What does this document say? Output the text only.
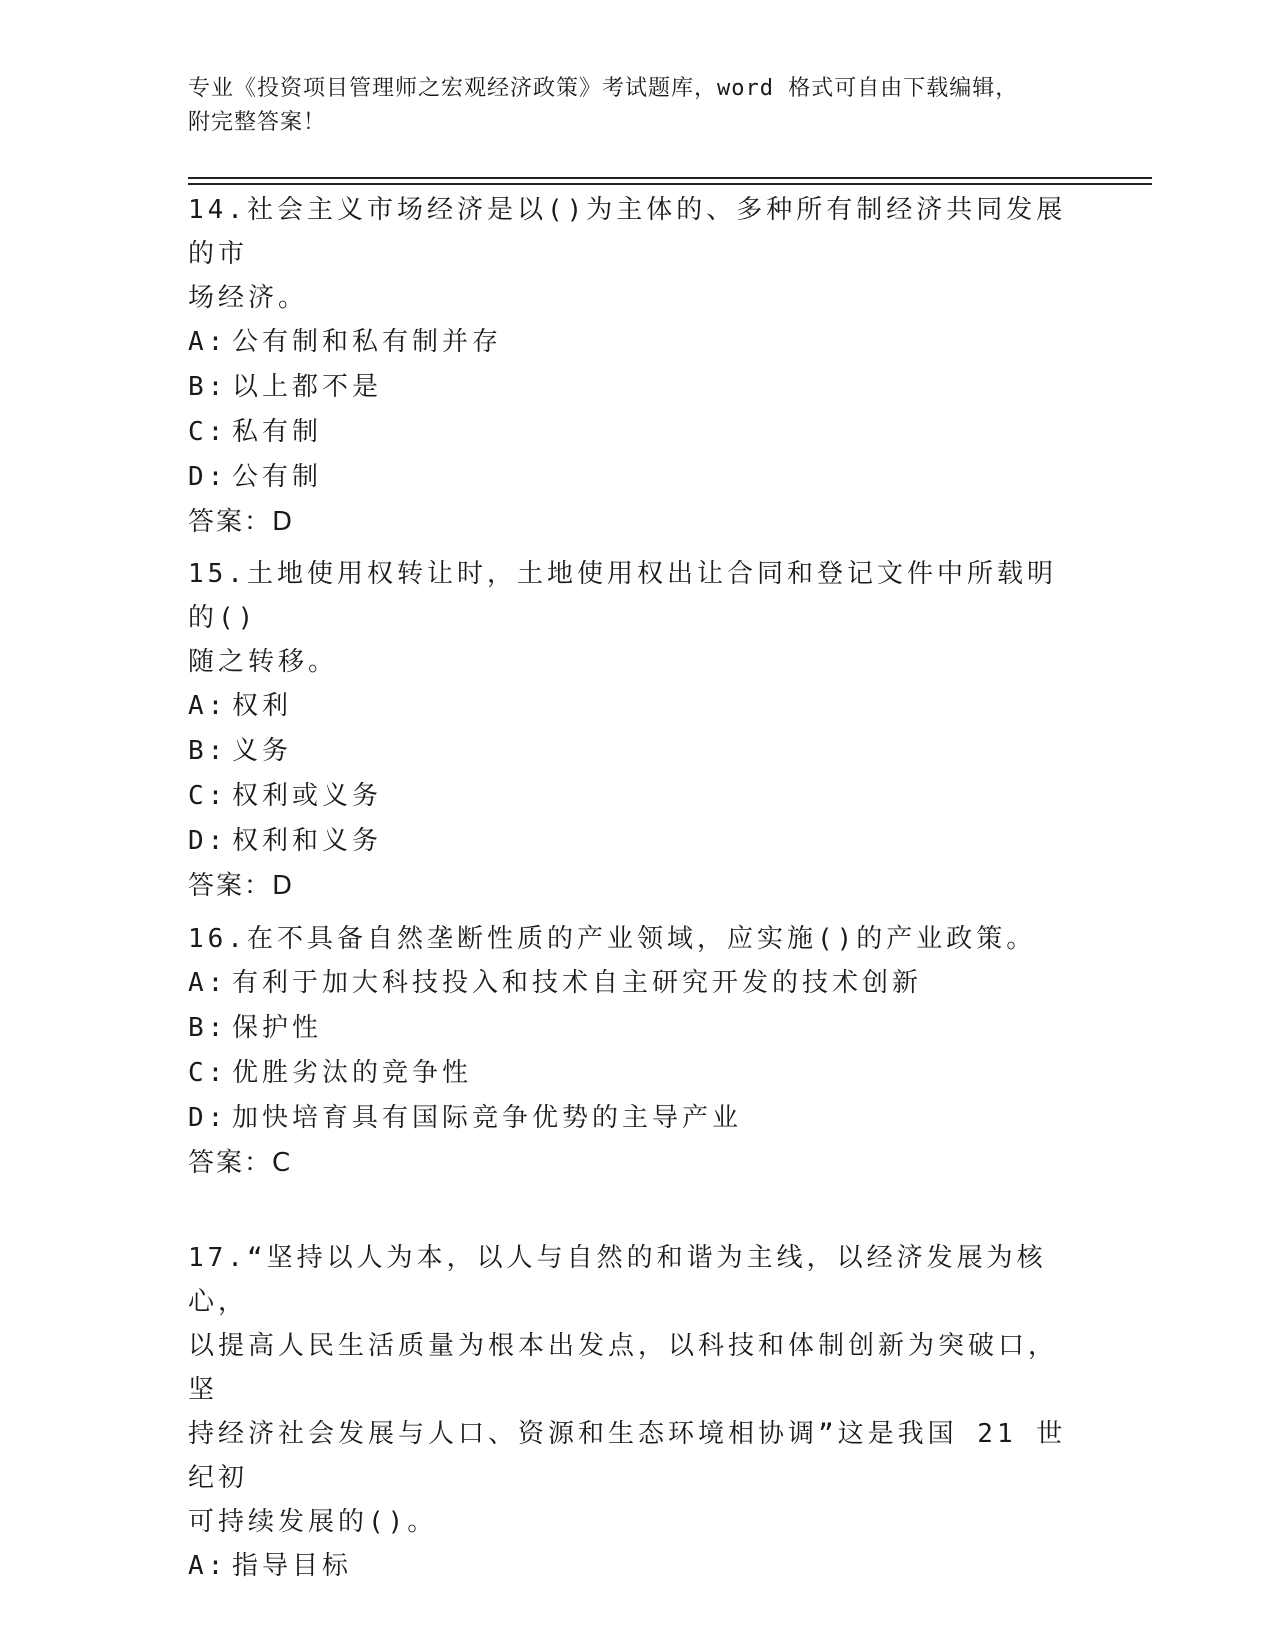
专业《投资项目管理师之宏观经济政策》考试题库，word 格式可自由下载编辑，
附完整答案！
14.社会主义市场经济是以()为主体的、多种所有制经济共同发展的市
场经济。
A: 公有制和私有制并存
B: 以上都不是
C: 私有制
D: 公有制
答案：D
15.土地使用权转让时，土地使用权出让合同和登记文件中所载明的()
随之转移。
A: 权利
B: 义务
C: 权利或义务
D: 权利和义务
答案：D
16.在不具备自然垄断性质的产业领域，应实施()的产业政策。
A: 有利于加大科技投入和技术自主研究开发的技术创新
B: 保护性
C: 优胜劣汰的竞争性
D: 加快培育具有国际竞争优势的主导产业
答案：C
17.“坚持以人为本，以人与自然的和谐为主线，以经济发展为核心，
以提高人民生活质量为根本出发点，以科技和体制创新为突破口，坚
持经济社会发展与人口、资源和生态环境相协调”这是我国 21 世纪初
可持续发展的()。
A: 指导目标
